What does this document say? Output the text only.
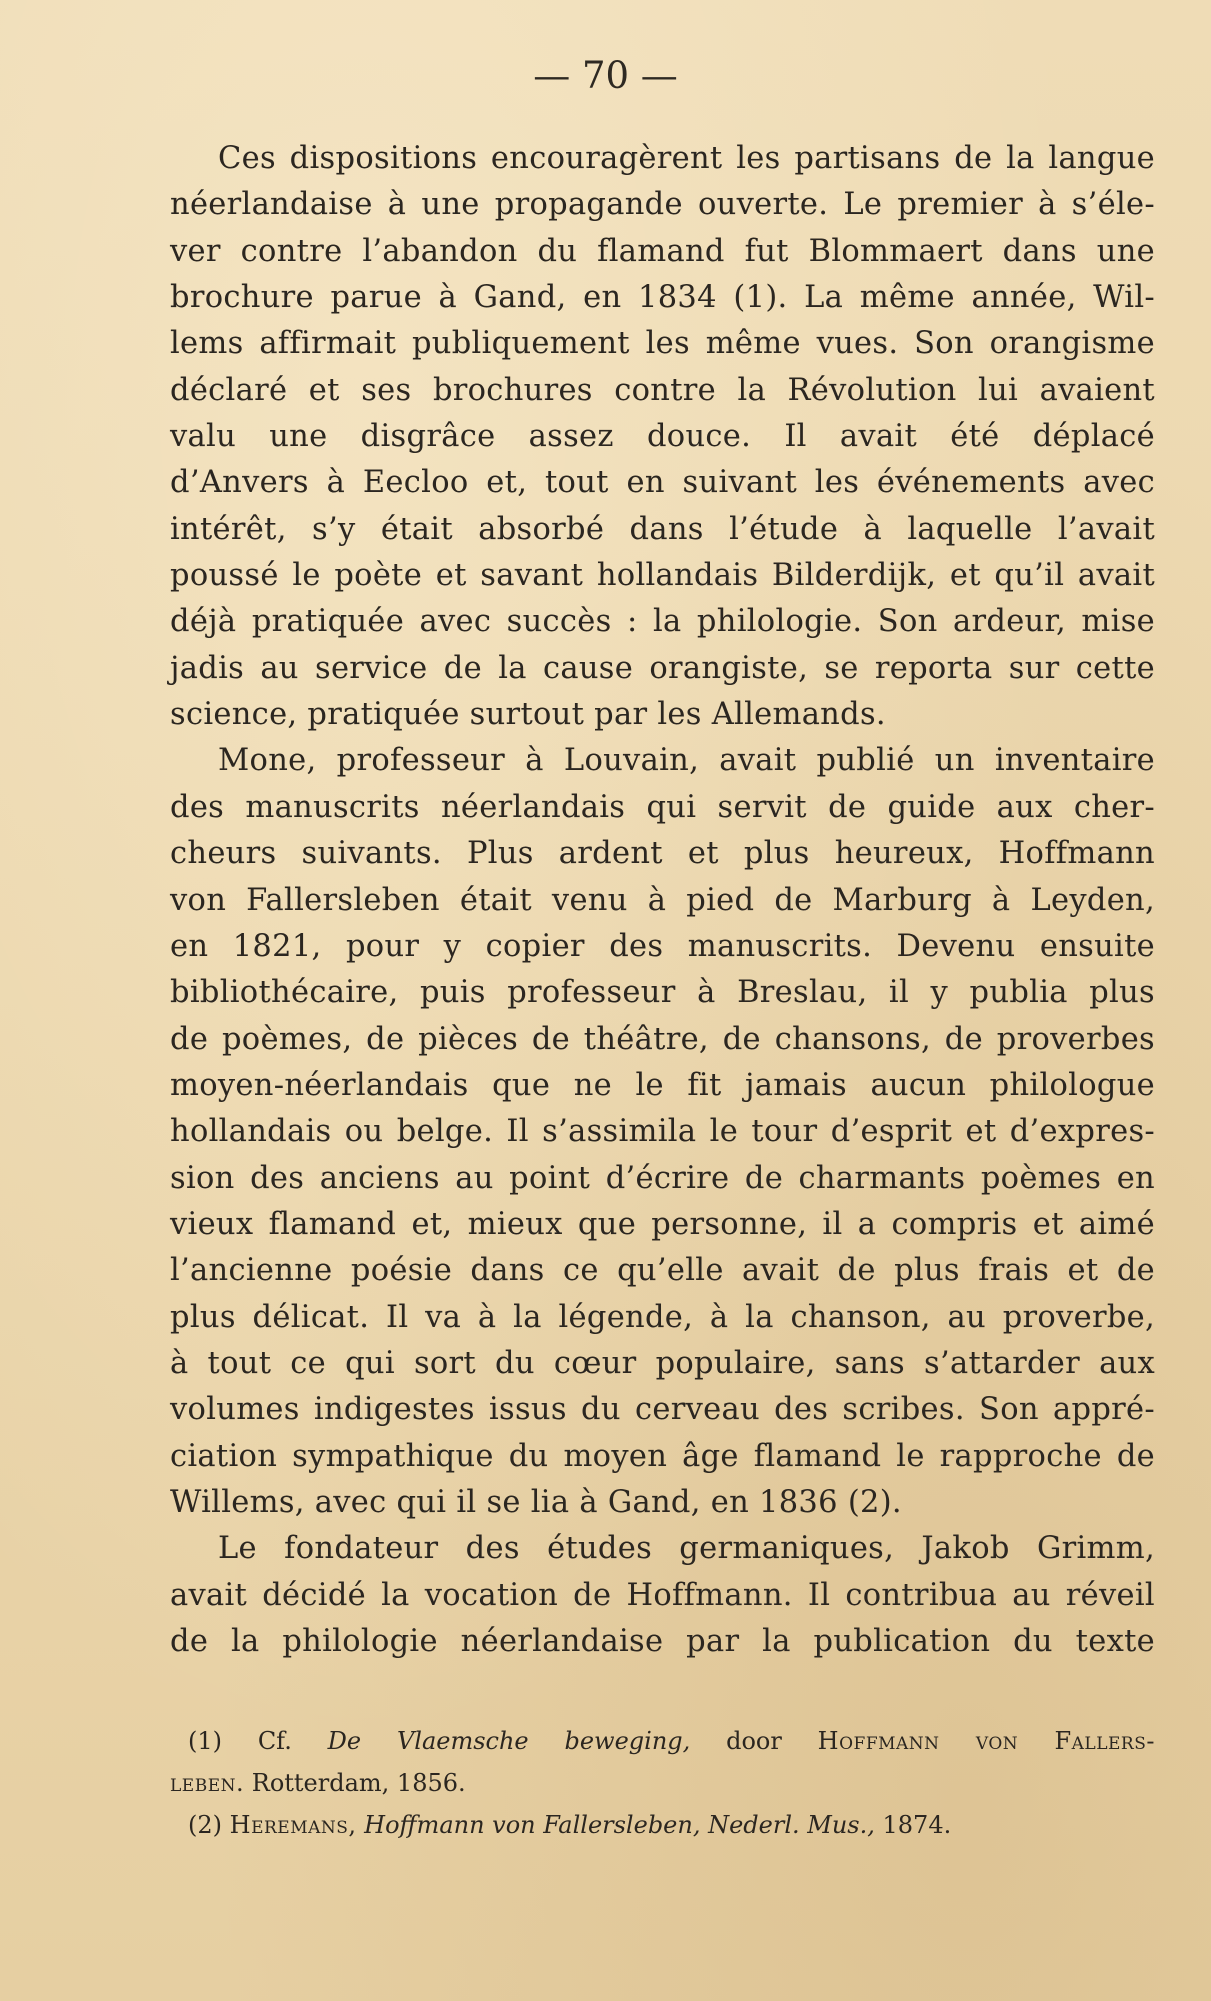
— 70 —
Ces dispositions encouragèrent les partisans de la langue
néerlandaise à une propagande ouverte. Le premier à s’éle-
ver contre l’abandon du flamand fut Blommaert dans une
brochure parue à Gand, en 1834 (1). La même année, Wil-
lems affirmait publiquement les même vues. Son orangisme
déclaré et ses brochures contre la Révolution lui avaient
valu une disgrâce assez douce. Il avait été déplacé
d’Anvers à Eecloo et, tout en suivant les événements avec
intérêt, s’y était absorbé dans l’étude à laquelle l’avait
poussé le poète et savant hollandais Bilderdijk, et qu’il avait
déjà pratiquée avec succès : la philologie. Son ardeur, mise
jadis au service de la cause orangiste, se reporta sur cette
science, pratiquée surtout par les Allemands.
Mone, professeur à Louvain, avait publié un inventaire
des manuscrits néerlandais qui servit de guide aux cher-
cheurs suivants. Plus ardent et plus heureux, Hoffmann
von Fallersleben était venu à pied de Marburg à Leyden,
en 1821, pour y copier des manuscrits. Devenu ensuite
bibliothécaire, puis professeur à Breslau, il y publia plus
de poèmes, de pièces de théâtre, de chansons, de proverbes
moyen-néerlandais que ne le fit jamais aucun philologue
hollandais ou belge. Il s’assimila le tour d’esprit et d’expres-
sion des anciens au point d’écrire de charmants poèmes en
vieux flamand et, mieux que personne, il a compris et aimé
l’ancienne poésie dans ce qu’elle avait de plus frais et de
plus délicat. Il va à la légende, à la chanson, au proverbe,
à tout ce qui sort du cœur populaire, sans s’attarder aux
volumes indigestes issus du cerveau des scribes. Son appré-
ciation sympathique du moyen âge flamand le rapproche de
Willems, avec qui il se lia à Gand, en 1836 (2).
Le fondateur des études germaniques, Jakob Grimm,
avait décidé la vocation de Hoffmann. Il contribua au réveil
de la philologie néerlandaise par la publication du texte
(1) Cf. De Vlaemsche beweging, door Hoffmann von Fallers-
leben. Rotterdam, 1856.
(2) Heremans, Hoffmann von Fallersleben, Nederl. Mus., 1874.
